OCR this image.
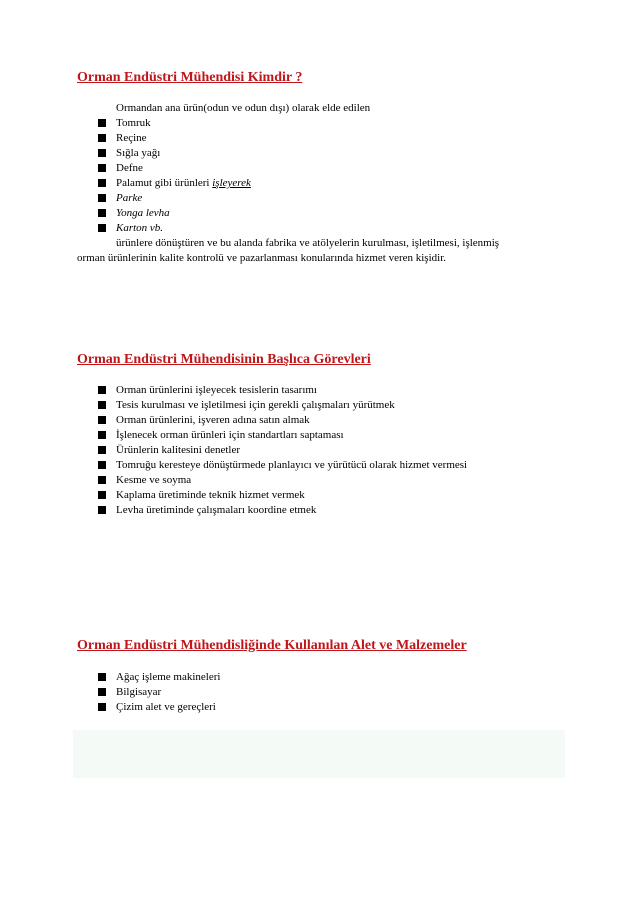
Orman Endüstri Mühendisi Kimdir ?

Ormandan ana ürün(odun ve odun dışı) olarak elde edilen

Tomruk
Reçine
Sığla yağı
Defne
Palamut gibi ürünleri işleyerek
Parke
Yonga levha
Karton vb.

ürünlere dönüştüren ve bu alanda fabrika ve atölyelerin kurulması, işletilmesi, işlenmiş

orman ürünlerinin kalite kontrolü ve pazarlanması konularında hizmet veren kişidir.

Orman Endüstri Mühendisinin Başlıca Görevleri
Orman ürünlerini işleyecek tesislerin tasarımı
Tesis kurulması ve işletilmesi için gerekli çalışmaları yürütmek
Orman ürünlerini, işveren adına satın almak
İşlenecek orman ürünleri için standartları saptaması
Ürünlerin kalitesini denetler
Tomruğu keresteye dönüştürmede planlayıcı ve yürütücü olarak hizmet vermesi
Kesme ve soyma
Kaplama üretiminde teknik hizmet vermek
Levha üretiminde çalışmaları koordine etmek
Orman Endüstri Mühendisliğinde Kullanılan Alet ve Malzemeler
Ağaç işleme makineleri
Bilgisayar
Çizim alet ve gereçleri
